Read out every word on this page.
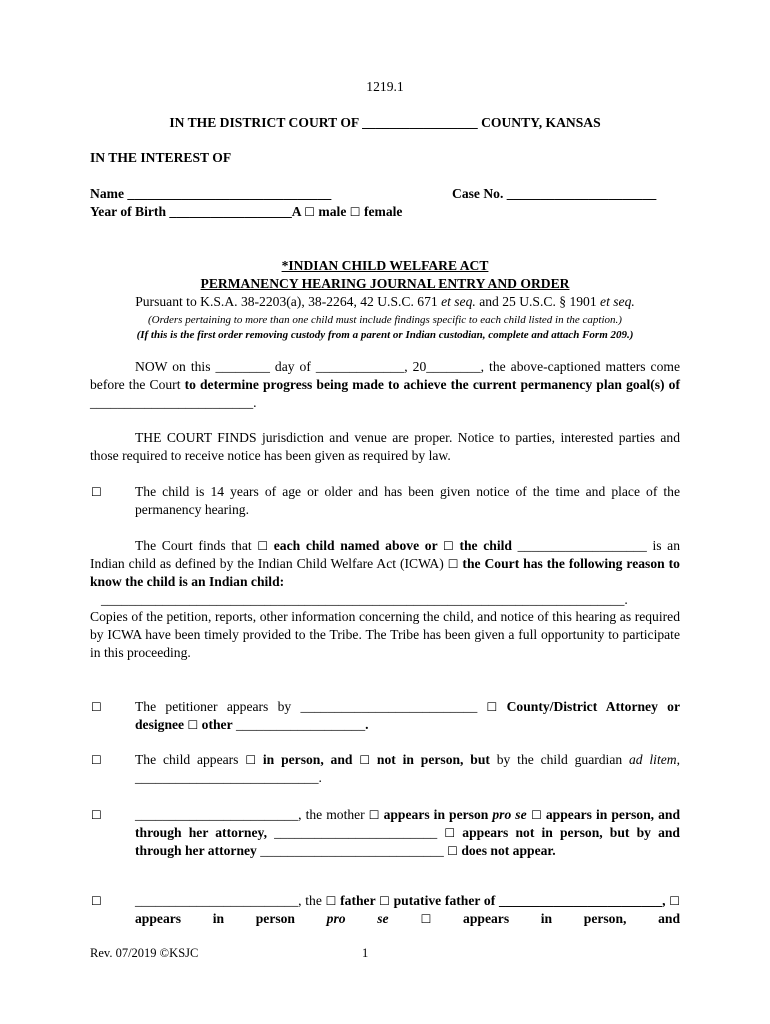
1219.1
IN THE DISTRICT COURT OF _________________ COUNTY, KANSAS
IN THE INTEREST OF
Name ______________________________	Case No. ______________________
Year of Birth __________________A ☐ male ☐ female
*INDIAN CHILD WELFARE ACT
PERMANENCY HEARING JOURNAL ENTRY AND ORDER
Pursuant to K.S.A. 38-2203(a), 38-2264, 42 U.S.C. 671 et seq. and 25 U.S.C. § 1901 et seq.
(Orders pertaining to more than one child must include findings specific to each child listed in the caption.)
(If this is the first order removing custody from a parent or Indian custodian, complete and attach Form 209.)
NOW on this ________ day of _____________, 20________, the above-captioned matters come before the Court to determine progress being made to achieve the current permanency plan goal(s) of ________________________.
THE COURT FINDS jurisdiction and venue are proper. Notice to parties, interested parties and those required to receive notice has been given as required by law.
☐ The child is 14 years of age or older and has been given notice of the time and place of the permanency hearing.
The Court finds that ☐ each child named above or ☐ the child ___________________ is an Indian child as defined by the Indian Child Welfare Act (ICWA) ☐ the Court has the following reason to know the child is an Indian child:
_____________________________________________________________________________.
Copies of the petition, reports, other information concerning the child, and notice of this hearing as required by ICWA have been timely provided to the Tribe. The Tribe has been given a full opportunity to participate in this proceeding.
☐ The petitioner appears by __________________________ ☐ County/District Attorney or designee ☐ other ___________________.
☐ The child appears ☐ in person, and ☐ not in person, but by the child guardian ad litem, ___________________________.
☐ ________________________, the mother ☐ appears in person pro se ☐ appears in person, and through her attorney, ________________________ ☐ appears not in person, but by and through her attorney ___________________________ ☐ does not appear.
☐ ________________________, the ☐ father ☐ putative father of ________________________, ☐ appears in person pro se ☐ appears in person, and
Rev. 07/2019 ©KSJC	1
